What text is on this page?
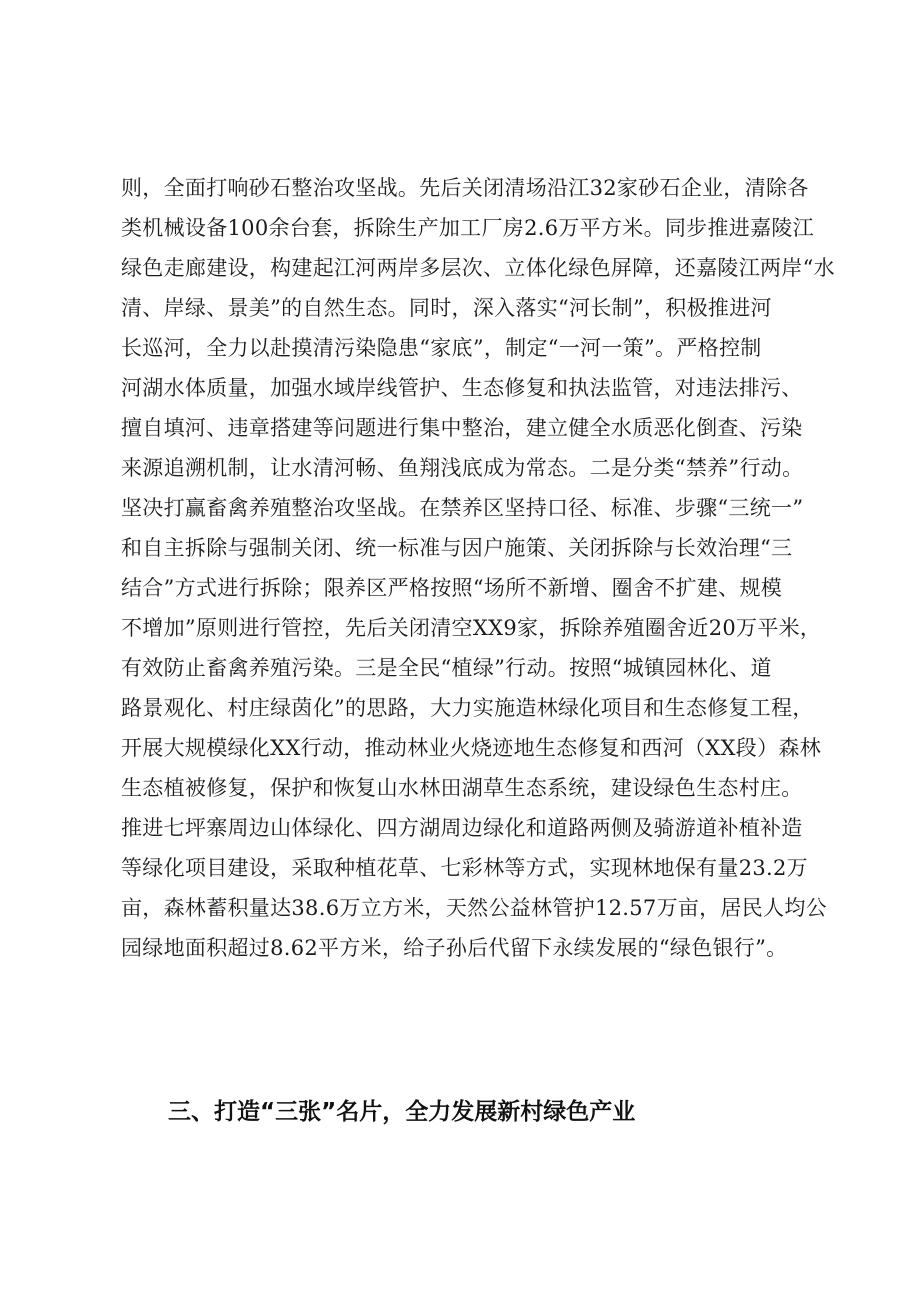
则，全面打响砂石整治攻坚战。先后关闭清场沿江32家砂石企业，清除各
类机械设备100余台套，拆除生产加工厂房2.6万平方米。同步推进嘉陵江
绿色走廊建设，构建起江河两岸多层次、立体化绿色屏障，还嘉陵江两岸“水
清、岸绿、景美”的自然生态。同时，深入落实“河长制”，积极推进河
长巡河，全力以赴摸清污染隐患“家底”，制定“一河一策”。严格控制
河湖水体质量，加强水域岸线管护、生态修复和执法监管，对违法排污、
擅自填河、违章搭建等问题进行集中整治，建立健全水质恶化倒查、污染
来源追溯机制，让水清河畅、鱼翔浅底成为常态。二是分类“禁养”行动。
坚决打赢畜禽养殖整治攻坚战。在禁养区坚持口径、标准、步骤“三统一”
和自主拆除与强制关闭、统一标准与因户施策、关闭拆除与长效治理“三
结合”方式进行拆除；限养区严格按照“场所不新增、圈舍不扩建、规模
不增加”原则进行管控，先后关闭清空XX9家，拆除养殖圈舍近20万平米，
有效防止畜禽养殖污染。三是全民“植绿”行动。按照“城镇园林化、道
路景观化、村庄绿茵化”的思路，大力实施造林绿化项目和生态修复工程，
开展大规模绿化XX行动，推动林业火烧迹地生态修复和西河（XX段）森林
生态植被修复，保护和恢复山水林田湖草生态系统，建设绿色生态村庄。
推进七坪寨周边山体绿化、四方湖周边绿化和道路两侧及骑游道补植补造
等绿化项目建设，采取种植花草、七彩林等方式，实现林地保有量23.2万
亩，森林蓄积量达38.6万立方米，天然公益林管护12.57万亩，居民人均公
园绿地面积超过8.62平方米，给子孙后代留下永续发展的“绿色银行”。
三、打造“三张”名片，全力发展新村绿色产业
